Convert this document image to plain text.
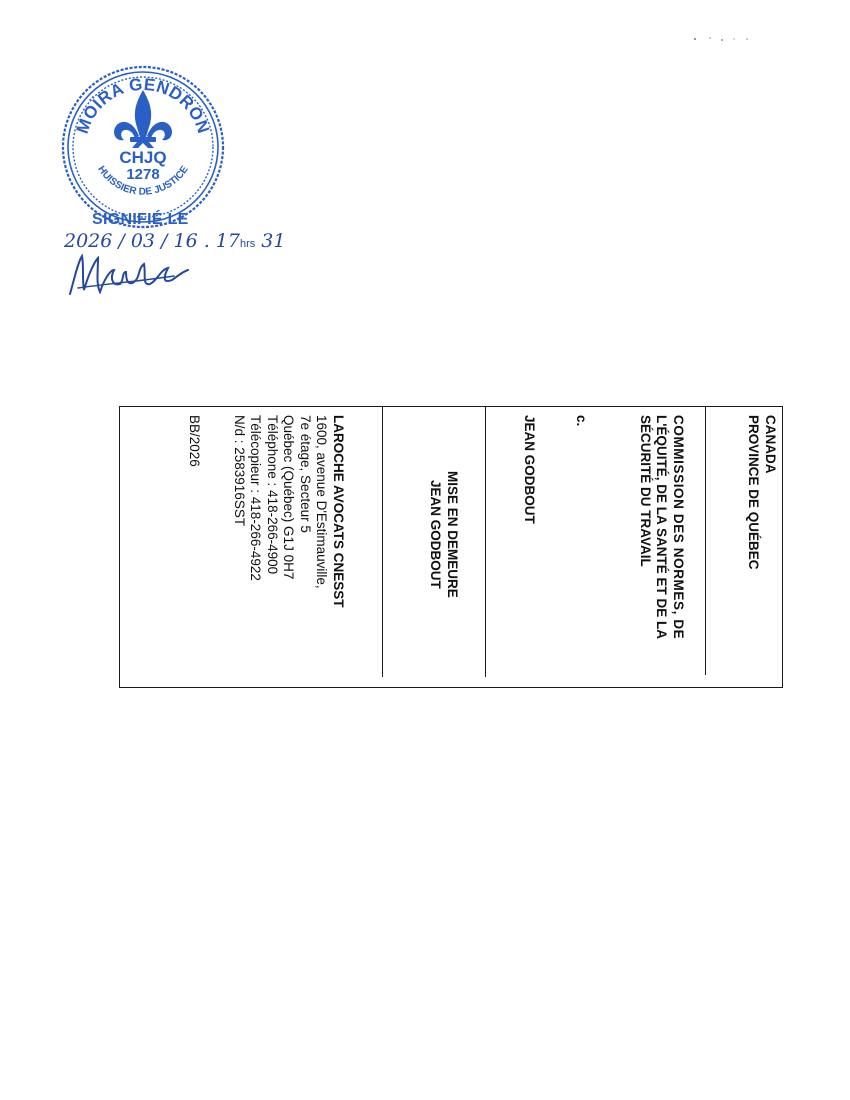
MOÏRA GENDRON
HUISSIER DE JUSTICE
CHJQ
1278
SIGNIFIÉ LE
2026 / 03 / 16 . 17hrs 31
CANADA
PROVINCE DE QUÉBEC
COMMISSION DES NORMES, DE
L'ÉQUITÉ, DE LA SANTÉ ET DE LA
SÉCURITÉ DU TRAVAIL
c.
JEAN GODBOUT
MISE EN DEMEURE
JEAN GODBOUT
LAROCHE AVOCATS CNESST
1600, avenue D'Estimauville,
7e étage, Secteur 5
Québec (Québec) G1J 0H7
Téléphone : 418-266-4900
Télécopieur : 418-266-4922
N/d : 2583916SST
BB/2026
